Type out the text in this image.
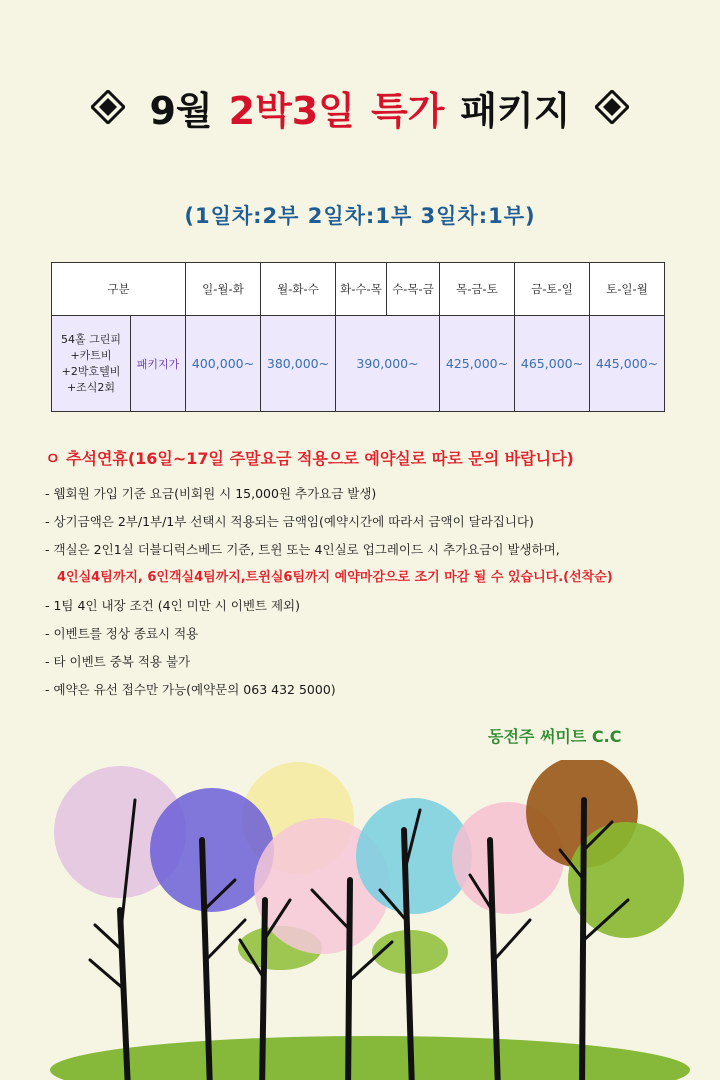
9월 2박3일 특가 패키지
(1일차:2부 2일차:1부 3일차:1부)
구분		일-월-화	월-화-수	화-수-목	수-목-금	목-금-토	금-토-일	토-일-월

54홀 그린피
+카트비
+2박호텔비
+조식2회	패키지가	400,000~	380,000~	390,000~		425,000~	465,000~	445,000~
ㅇ 추석연휴(16일~17일 주말요금 적용으로 예약실로 따로 문의 바랍니다)
- 웹회원 가입 기준 요금(비회원 시 15,000원 추가요금 발생)
- 상기금액은 2부/1부/1부 선택시 적용되는 금액임(예약시간에 따라서 금액이 달라집니다)
- 객실은 2인1실 더블디럭스베드 기준, 트윈 또는 4인실로 업그레이드 시 추가요금이 발생하며,
4인실4팀까지, 6인객실4팀까지,트윈실6팀까지 예약마감으로 조기 마감 될 수 있습니다.(선착순)
- 1팀 4인 내장 조건 (4인 미만 시 이벤트 제외)
- 이벤트를 정상 종료시 적용
- 타 이벤트 중복 적용 불가
- 예약은 유선 접수만 가능(예약문의 063 432 5000)
동전주 써미트 C.C
